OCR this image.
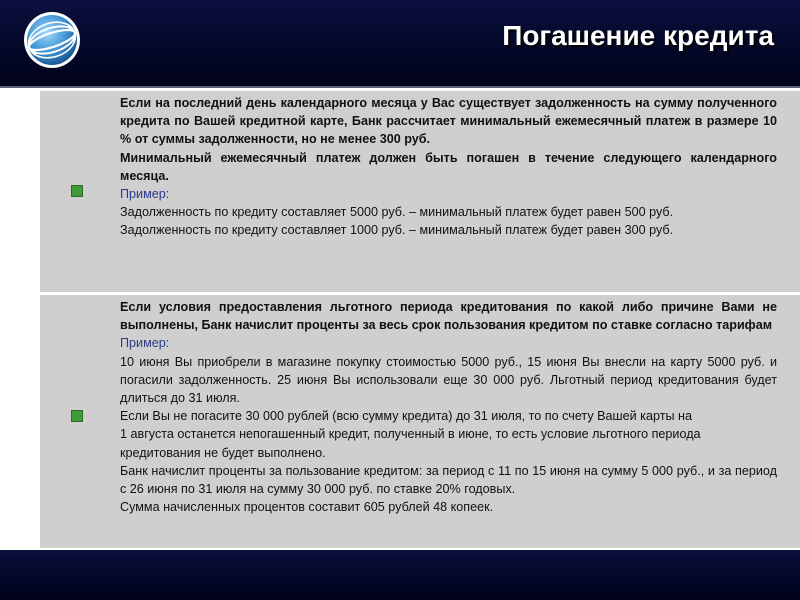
Погашение кредита

Если на последний день календарного месяца у Вас существует задолженность на сумму полученного кредита по Вашей кредитной карте, Банк рассчитает минимальный ежемесячный платеж в размере 10 % от суммы задолженности, но не менее 300 руб.

Минимальный ежемесячный платеж должен быть погашен в течение следующего календарного месяца.

Пример:

Задолженность по кредиту составляет 5000 руб. – минимальный платеж будет равен 500 руб.

Задолженность по кредиту составляет 1000 руб. – минимальный платеж будет равен 300 руб.

Если условия предоставления льготного периода кредитования по какой либо причине Вами не выполнены, Банк начислит проценты за весь срок пользования кредитом по ставке согласно тарифам

Пример:

10 июня Вы приобрели в магазине покупку стоимостью 5000 руб., 15 июня Вы внесли на карту 5000 руб. и погасили задолженность. 25 июня Вы использовали еще 30 000 руб. Льготный период кредитования будет длиться до 31 июля.

Если Вы не погасите 30 000 рублей (всю сумму кредита) до 31 июля, то по счету Вашей карты на

1 августа останется непогашенный кредит, полученный в июне, то есть условие льготного периода кредитования не будет выполнено.

Банк начислит проценты за пользование кредитом: за период с 11 по 15 июня на сумму 5 000 руб., и за период с 26 июня по 31 июля на сумму 30 000 руб. по ставке 20% годовых.

Сумма начисленных процентов составит 605 рублей 48 копеек.
